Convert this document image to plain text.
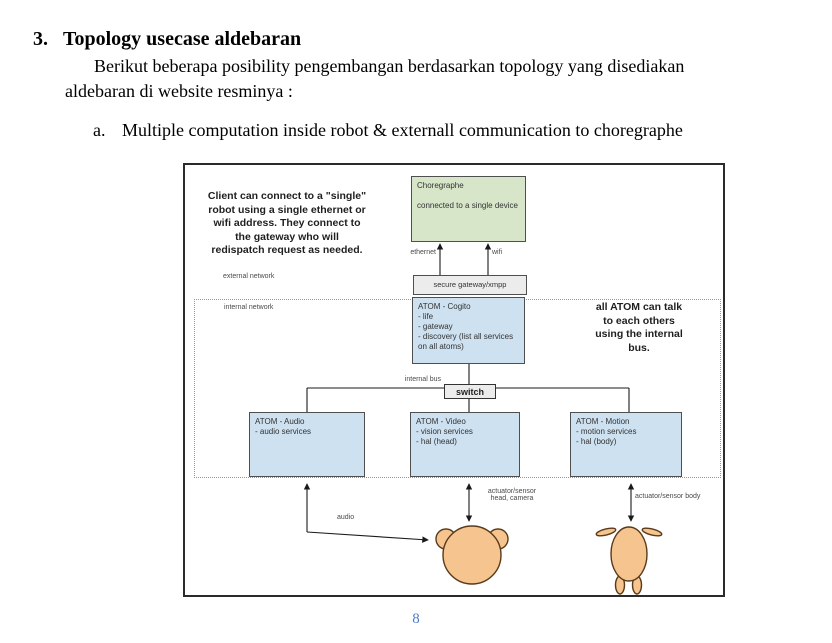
3. Topology usecase aldebaran
Berikut beberapa posibility pengembangan berdasarkan topology yang disediakan
aldebaran di website resminya :
a. Multiple computation inside robot & externall communication to choregraphe
Choregraphe
connected to a single device
secure gateway/xmpp
ATOM - Cogito
- life
- gateway
- discovery (list all services on all atoms)
switch
ATOM - Audio
- audio services
ATOM - Video
- vision services
- hal (head)
ATOM - Motion
- motion services
- hal (body)
Client can connect to a "single"
robot using a single ethernet or
wifi address. They connect to
the gateway who will
redispatch request as needed.
all ATOM can talk
to each others
using the internal
bus.
ethernet	wifi
external network
internal network
internal bus
audio
actuator/sensor
head, camera	actuator/sensor body
8
